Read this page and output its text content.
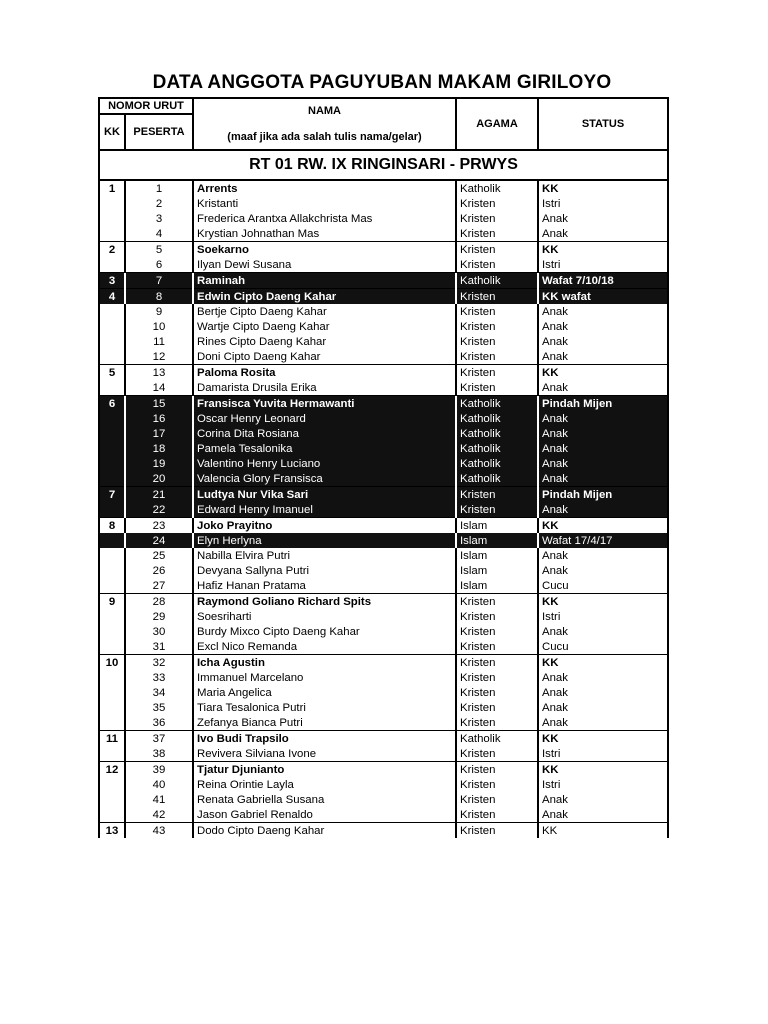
DATA ANGGOTA PAGUYUBAN MAKAM GIRILOYO
NOMOR URUT		NAMA
(maaf jika ada salah tulis nama/gelar)	AGAMA	STATUS
KK	PESERTA			
RT 01 RW. IX RINGINSARI - PRWYS				
1	1	Arrents	Katholik	KK
	2	Kristanti	Kristen	Istri
	3	Frederica Arantxa Allakchrista Mas	Kristen	Anak
	4	Krystian Johnathan Mas	Kristen	Anak
2	5	Soekarno	Kristen	KK
	6	Ilyan Dewi Susana	Kristen	Istri
3	7	Raminah	Katholik	Wafat 7/10/18
4	8	Edwin Cipto Daeng Kahar	Kristen	KK wafat
	9	Bertje Cipto Daeng Kahar	Kristen	Anak
	10	Wartje Cipto Daeng Kahar	Kristen	Anak
	11	Rines Cipto Daeng Kahar	Kristen	Anak
	12	Doni Cipto Daeng Kahar	Kristen	Anak
5	13	Paloma Rosita	Kristen	KK
	14	Damarista Drusila Erika	Kristen	Anak
6	15	Fransisca Yuvita Hermawanti	Katholik	Pindah Mijen
	16	Oscar Henry Leonard	Katholik	Anak
	17	Corina Dita Rosiana	Katholik	Anak
	18	Pamela Tesalonika	Katholik	Anak
	19	Valentino Henry Luciano	Katholik	Anak
	20	Valencia Glory Fransisca	Katholik	Anak
7	21	Ludtya Nur Vika Sari	Kristen	Pindah Mijen
	22	Edward Henry Imanuel	Kristen	Anak
8	23	Joko Prayitno	Islam	KK
	24	Elyn Herlyna	Islam	Wafat 17/4/17
	25	Nabilla Elvira Putri	Islam	Anak
	26	Devyana Sallyna Putri	Islam	Anak
	27	Hafiz Hanan Pratama	Islam	Cucu
9	28	Raymond Goliano Richard Spits	Kristen	KK
	29	Soesriharti	Kristen	Istri
	30	Burdy Mixco Cipto Daeng Kahar	Kristen	Anak
	31	Excl Nico Remanda	Kristen	Cucu
10	32	Icha Agustin	Kristen	KK
	33	Immanuel Marcelano	Kristen	Anak
	34	Maria Angelica	Kristen	Anak
	35	Tiara Tesalonica Putri	Kristen	Anak
	36	Zefanya Bianca Putri	Kristen	Anak
11	37	Ivo Budi Trapsilo	Katholik	KK
	38	Revivera Silviana Ivone	Kristen	Istri
12	39	Tjatur Djunianto	Kristen	KK
	40	Reina Orintie Layla	Kristen	Istri
	41	Renata Gabriella Susana	Kristen	Anak
	42	Jason Gabriel Renaldo	Kristen	Anak
13	43	Dodo Cipto Daeng Kahar	Kristen	KK
